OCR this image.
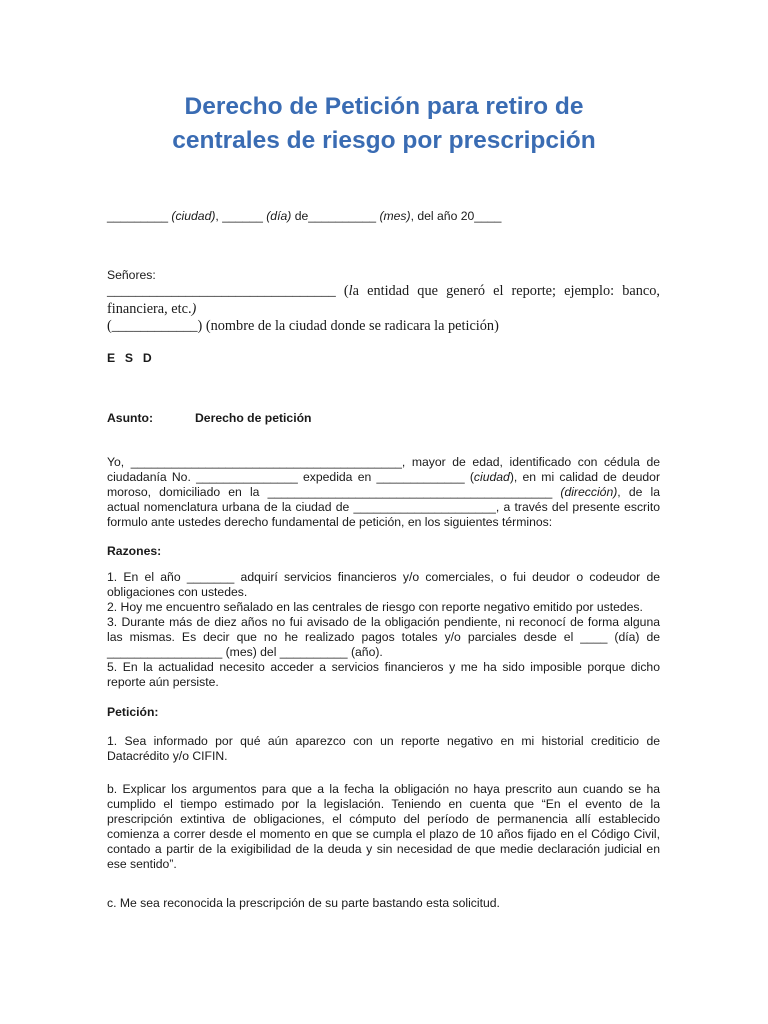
Derecho de Petición para retiro de
centrales de riesgo por prescripción
_________ (ciudad), ______ (día) de__________ (mes), del año 20____
Señores:
________________________________ (la entidad que generó el reporte; ejemplo: banco, financiera, etc.)
(____________) (nombre de la ciudad donde se radicara la petición)
E S D
Asunto:	Derecho de petición
Yo, ________________________________________, mayor de edad, identificado con cédula de ciudadanía No. _______________ expedida en _____________ (ciudad), en mi calidad de deudor moroso, domiciliado en la __________________________________________ (dirección), de la actual nomenclatura urbana de la ciudad de _____________________, a través del presente escrito formulo ante ustedes derecho fundamental de petición, en los siguientes términos:
Razones:
1. En el año _______ adquirí servicios financieros y/o comerciales, o fui deudor o codeudor de obligaciones con ustedes.
2. Hoy me encuentro señalado en las centrales de riesgo con reporte negativo emitido por ustedes.
3. Durante más de diez años no fui avisado de la obligación pendiente, ni reconocí de forma alguna las mismas. Es decir que no he realizado pagos totales y/o parciales desde el ____ (día) de _________________ (mes) del __________ (año).
5. En la actualidad necesito acceder a servicios financieros y me ha sido imposible porque dicho reporte aún persiste.
Petición:
1. Sea informado por qué aún aparezco con un reporte negativo en mi historial crediticio de Datacrédito y/o CIFIN.
b. Explicar los argumentos para que a la fecha la obligación no haya prescrito aun cuando se ha cumplido el tiempo estimado por la legislación. Teniendo en cuenta que “En el evento de la prescripción extintiva de obligaciones, el cómputo del período de permanencia allí establecido comienza a correr desde el momento en que se cumpla el plazo de 10 años fijado en el Código Civil, contado a partir de la exigibilidad de la deuda y sin necesidad de que medie declaración judicial en ese sentido”.
c. Me sea reconocida la prescripción de su parte bastando esta solicitud.
